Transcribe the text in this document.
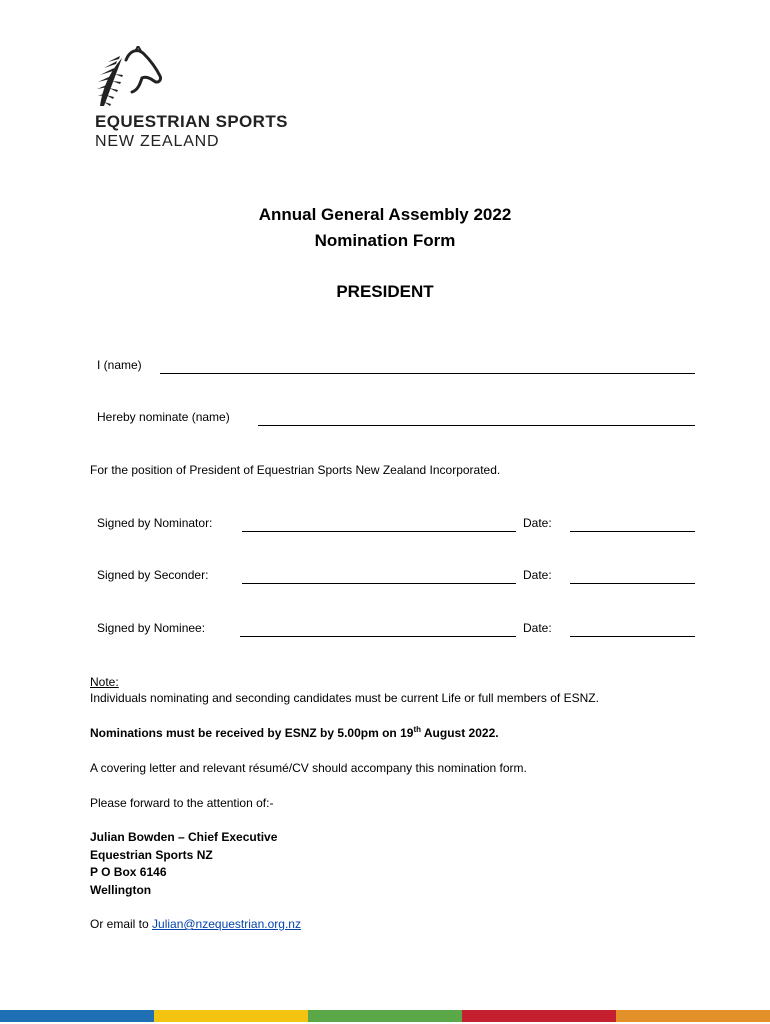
EQUESTRIAN SPORTS
NEW ZEALAND
Annual General Assembly 2022
Nomination Form
PRESIDENT
I (name)
Hereby nominate (name)
For the position of President of Equestrian Sports New Zealand Incorporated.
Signed by Nominator:	Date:
Signed by Seconder:	Date:
Signed by Nominee:	Date:
Note:
Individuals nominating and seconding candidates must be current Life or full members of ESNZ.
Nominations must be received by ESNZ by 5.00pm on 19th August 2022.
A covering letter and relevant résumé/CV should accompany this nomination form.
Please forward to the attention of:-
Julian Bowden – Chief Executive
Equestrian Sports NZ
P O Box 6146
Wellington
Or email to Julian@nzequestrian.org.nz
